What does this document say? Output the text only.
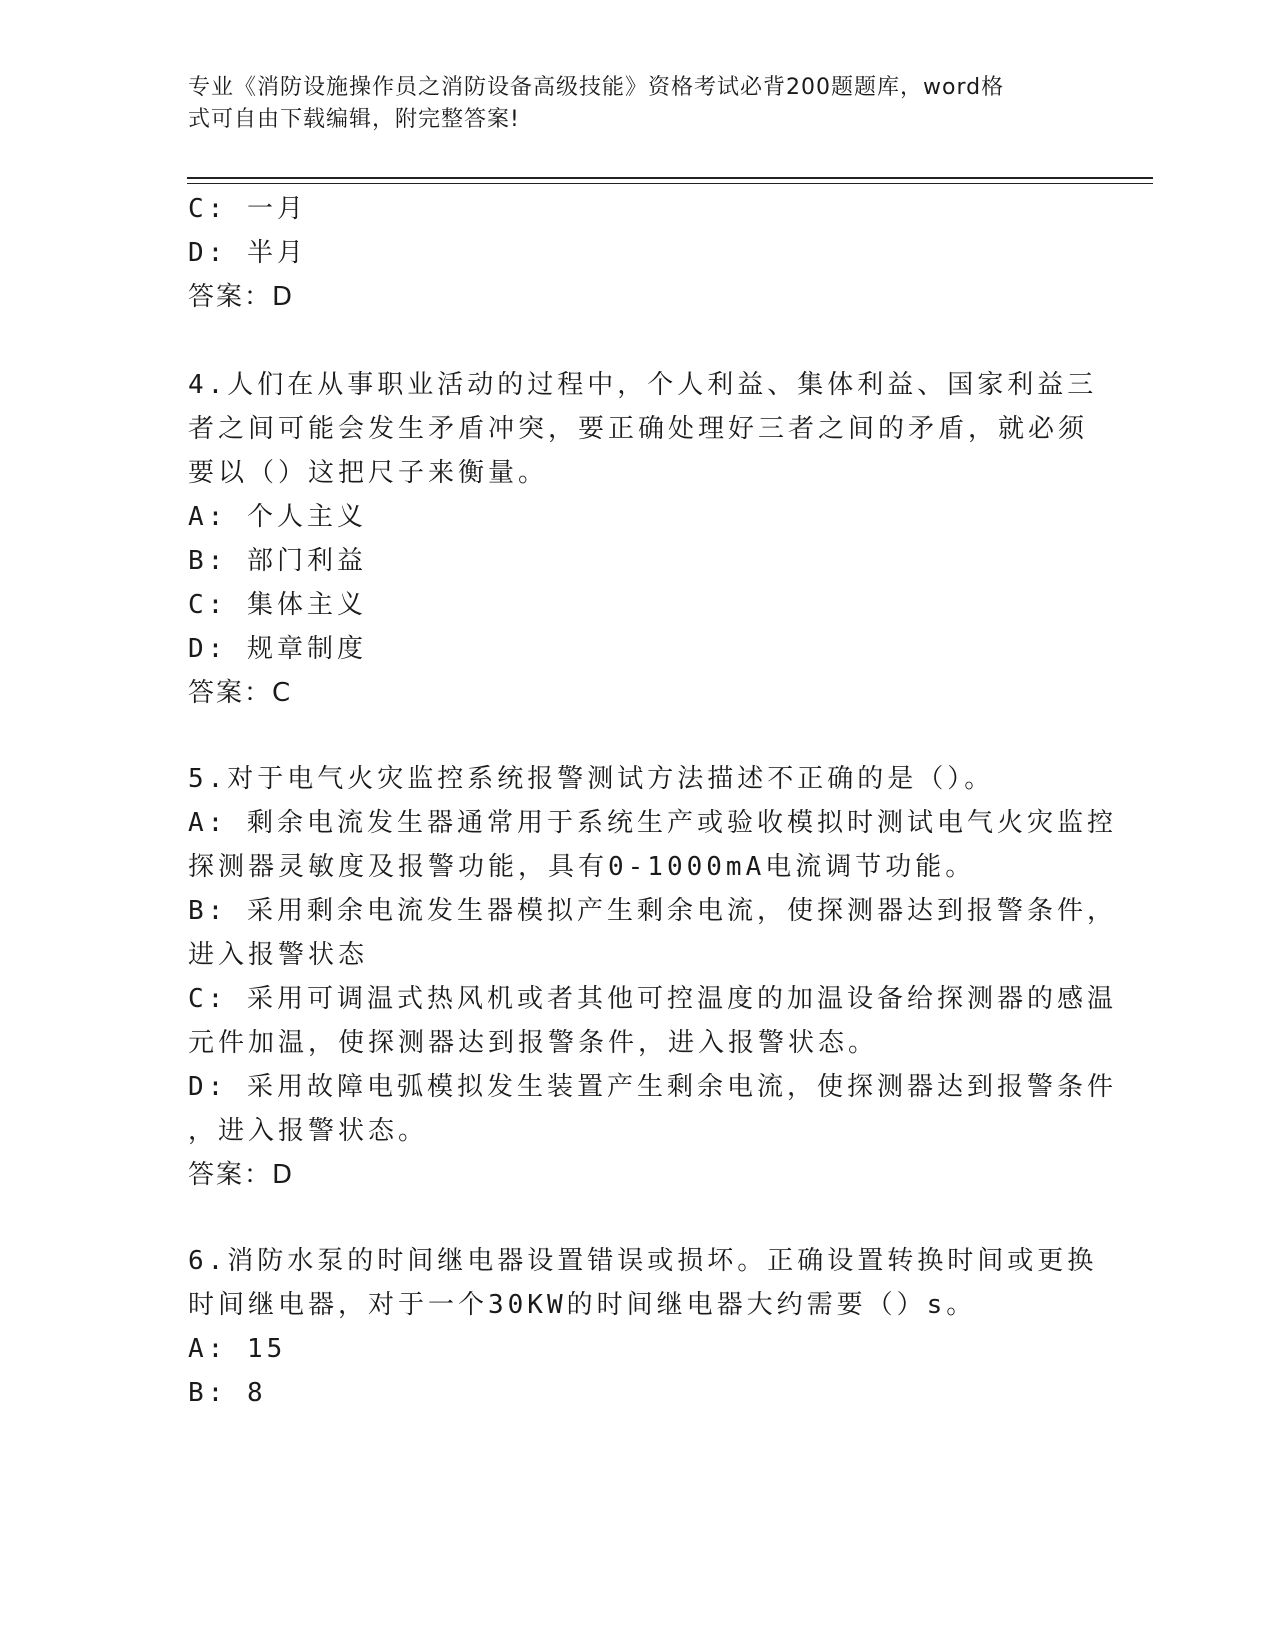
专业《消防设施操作员之消防设备高级技能》资格考试必背200题题库，word格
式可自由下载编辑，附完整答案!
C: 一月
D: 半月
答案：D
4.人们在从事职业活动的过程中，个人利益、集体利益、国家利益三
者之间可能会发生矛盾冲突，要正确处理好三者之间的矛盾，就必须
要以（）这把尺子来衡量。
A: 个人主义
B: 部门利益
C: 集体主义
D: 规章制度
答案：C
5.对于电气火灾监控系统报警测试方法描述不正确的是（）。
A: 剩余电流发生器通常用于系统生产或验收模拟时测试电气火灾监控
探测器灵敏度及报警功能，具有0-1000mA电流调节功能。
B: 采用剩余电流发生器模拟产生剩余电流，使探测器达到报警条件，
进入报警状态
C: 采用可调温式热风机或者其他可控温度的加温设备给探测器的感温
元件加温，使探测器达到报警条件，进入报警状态。
D: 采用故障电弧模拟发生装置产生剩余电流，使探测器达到报警条件
，进入报警状态。
答案：D
6.消防水泵的时间继电器设置错误或损坏。正确设置转换时间或更换
时间继电器，对于一个30KW的时间继电器大约需要（）s。
A: 15
B: 8
